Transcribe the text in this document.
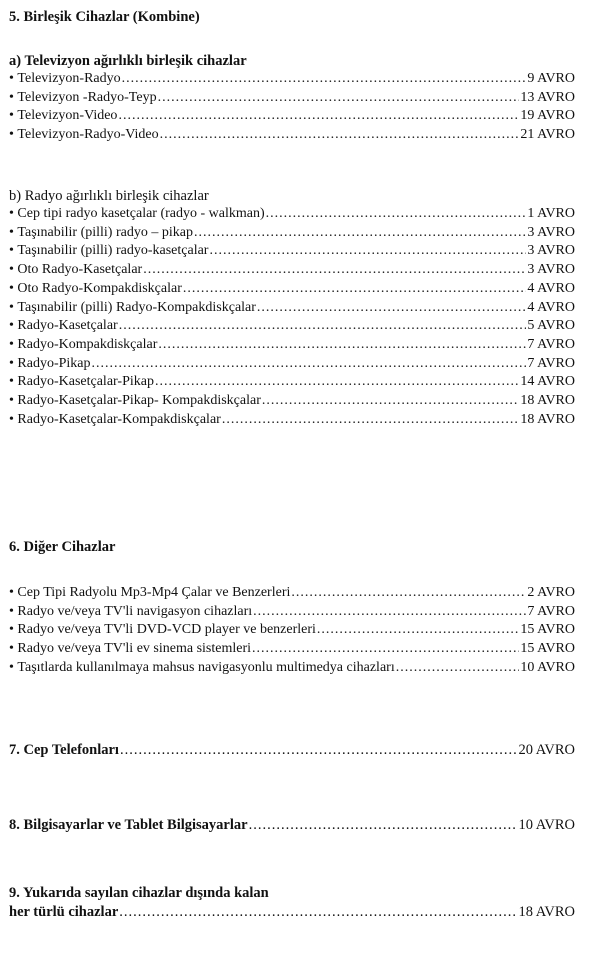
5. Birleşik Cihazlar (Kombine)
a) Televizyon ağırlıklı birleşik cihazlar
• Televizyon-Radyo .....	9 AVRO
• Televizyon -Radyo-Teyp .....	13 AVRO
• Televizyon-Video .....	19 AVRO
• Televizyon-Radyo-Video .....	21 AVRO
b) Radyo ağırlıklı birleşik cihazlar
• Cep tipi radyo kasetçalar (radyo - walkman) .....	1 AVRO
• Taşınabilir (pilli) radyo – pikap .....	3 AVRO
• Taşınabilir (pilli) radyo-kasetçalar .....	3 AVRO
• Oto Radyo-Kasetçalar .....	3 AVRO
• Oto Radyo-Kompakdiskçalar .....	4 AVRO
• Taşınabilir (pilli) Radyo-Kompakdiskçalar .....	4 AVRO
• Radyo-Kasetçalar .....	5 AVRO
• Radyo-Kompakdiskçalar .....	7 AVRO
• Radyo-Pikap .....	7 AVRO
• Radyo-Kasetçalar-Pikap .....	14 AVRO
• Radyo-Kasetçalar-Pikap- Kompakdiskçalar .....	18 AVRO
• Radyo-Kasetçalar-Kompakdiskçalar .....	18 AVRO
6. Diğer Cihazlar
• Cep Tipi Radyolu Mp3-Mp4 Çalar ve Benzerleri .....	2 AVRO
• Radyo ve/veya TV'li navigasyon cihazları .....	7 AVRO
• Radyo ve/veya TV'li DVD-VCD player ve benzerleri .....	15 AVRO
• Radyo ve/veya TV'li ev sinema sistemleri .....	15 AVRO
• Taşıtlarda kullanılmaya mahsus navigasyonlu multimedya cihazları .....	10 AVRO
7. Cep Telefonları .....	20 AVRO
8. Bilgisayarlar ve Tablet Bilgisayarlar .....	10 AVRO
9. Yukarıda sayılan cihazlar dışında kalan
her türlü cihazlar .....	18 AVRO
